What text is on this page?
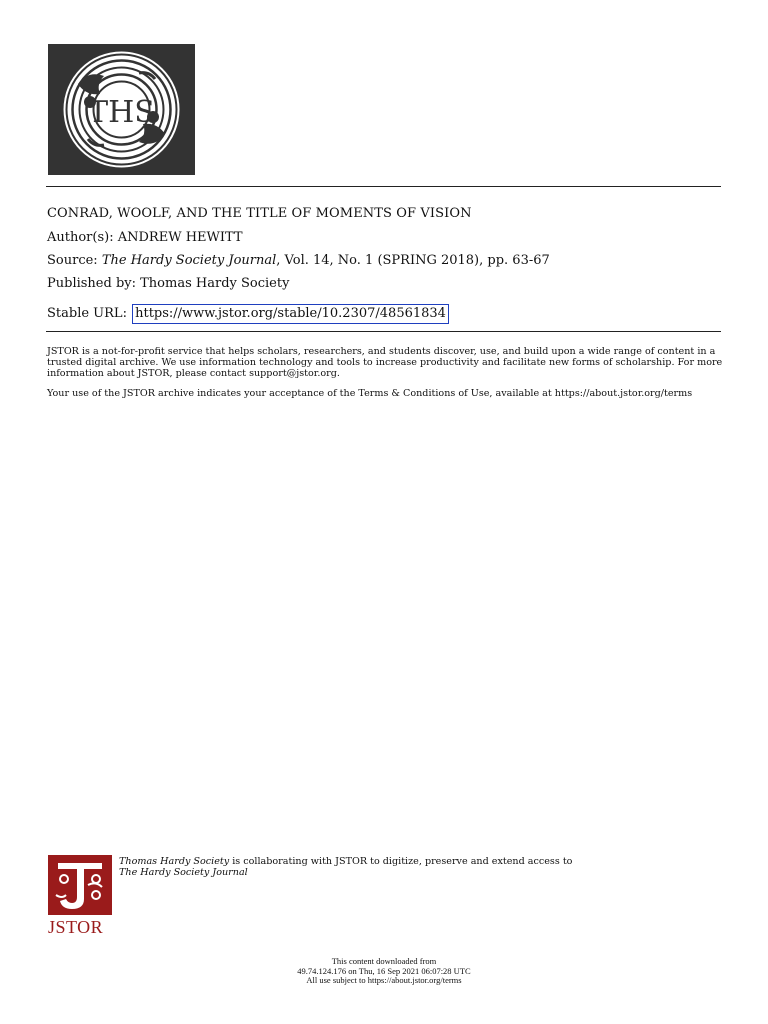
THS
CONRAD, WOOLF, AND THE TITLE OF MOMENTS OF VISION
Author(s): ANDREW HEWITT
Source: The Hardy Society Journal, Vol. 14, No. 1 (SPRING 2018), pp. 63-67
Published by: Thomas Hardy Society
Stable URL: https://www.jstor.org/stable/10.2307/48561834
JSTOR is a not-for-profit service that helps scholars, researchers, and students discover, use, and build upon a wide range of content in a trusted digital archive. We use information technology and tools to increase productivity and facilitate new forms of scholarship. For more information about JSTOR, please contact support@jstor.org.
Your use of the JSTOR archive indicates your acceptance of the Terms & Conditions of Use, available at https://about.jstor.org/terms
JSTOR
Thomas Hardy Society is collaborating with JSTOR to digitize, preserve and extend access to
The Hardy Society Journal
This content downloaded from
49.74.124.176 on Thu, 16 Sep 2021 06:07:28 UTC
All use subject to https://about.jstor.org/terms
